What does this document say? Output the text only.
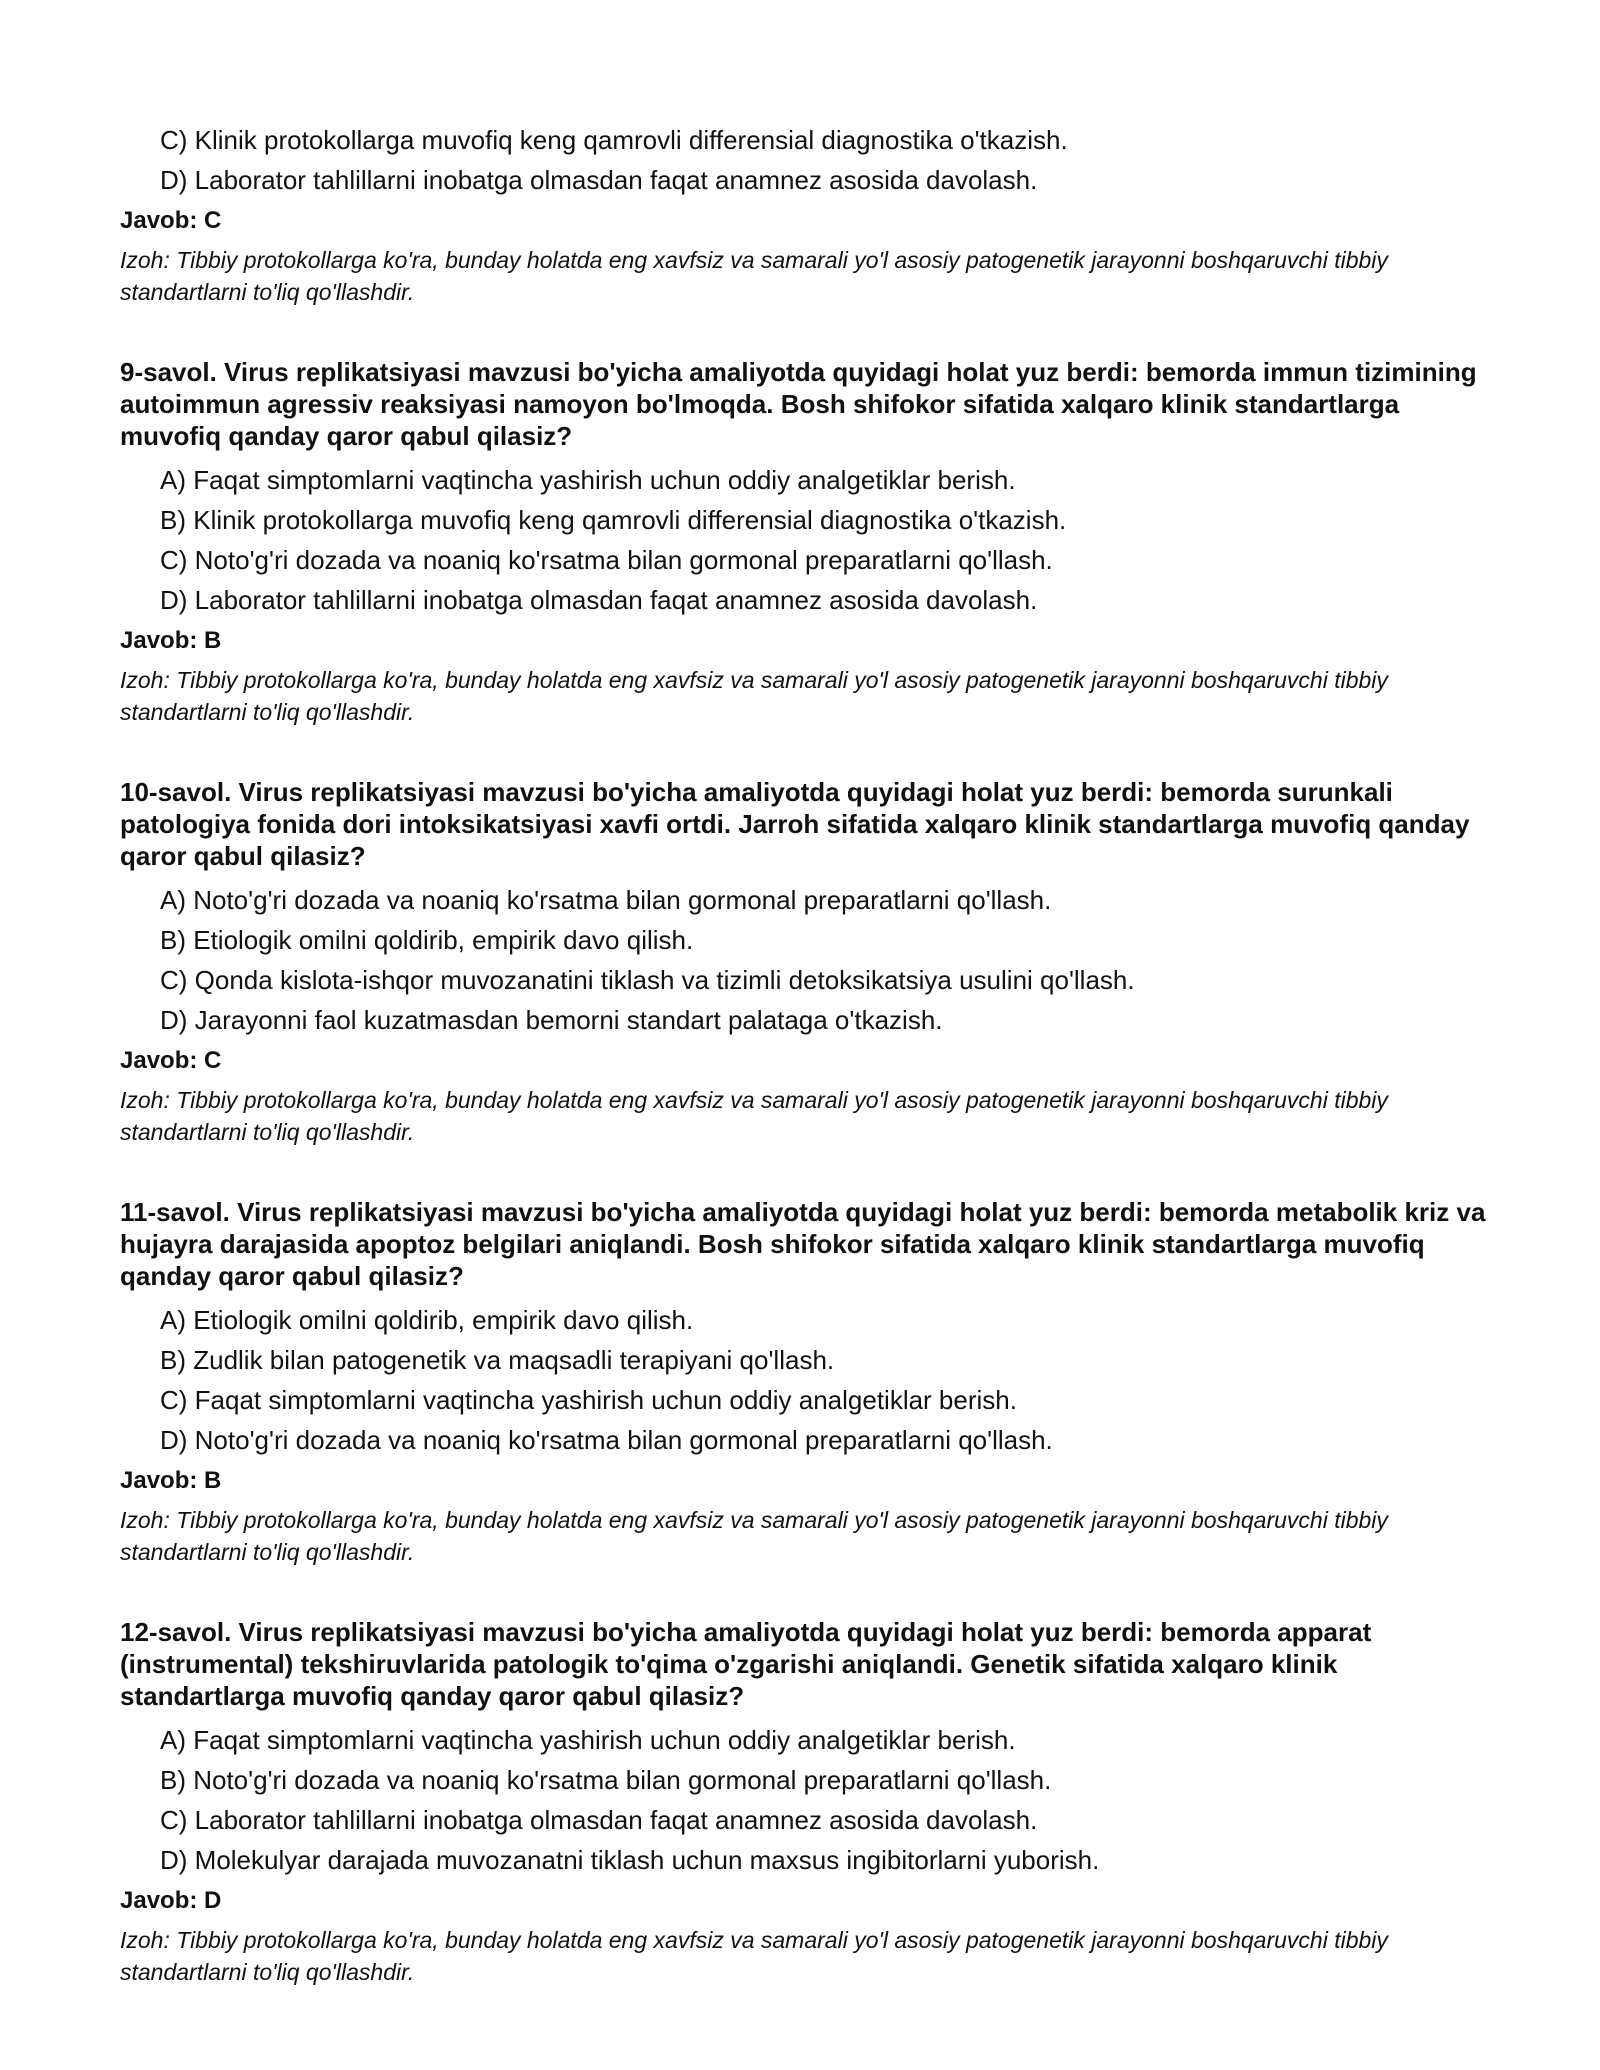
C) Klinik protokollarga muvofiq keng qamrovli differensial diagnostika o'tkazish.
D) Laborator tahlillarni inobatga olmasdan faqat anamnez asosida davolash.
Javob: C
Izoh: Tibbiy protokollarga ko'ra, bunday holatda eng xavfsiz va samarali yo'l asosiy patogenetik jarayonni boshqaruvchi tibbiy standartlarni to'liq qo'llashdir.
9-savol. Virus replikatsiyasi mavzusi bo'yicha amaliyotda quyidagi holat yuz berdi: bemorda immun tizimining autoimmun agressiv reaksiyasi namoyon bo'lmoqda. Bosh shifokor sifatida xalqaro klinik standartlarga muvofiq qanday qaror qabul qilasiz?
A) Faqat simptomlarni vaqtincha yashirish uchun oddiy analgetiklar berish.
B) Klinik protokollarga muvofiq keng qamrovli differensial diagnostika o'tkazish.
C) Noto'g'ri dozada va noaniq ko'rsatma bilan gormonal preparatlarni qo'llash.
D) Laborator tahlillarni inobatga olmasdan faqat anamnez asosida davolash.
Javob: B
Izoh: Tibbiy protokollarga ko'ra, bunday holatda eng xavfsiz va samarali yo'l asosiy patogenetik jarayonni boshqaruvchi tibbiy standartlarni to'liq qo'llashdir.
10-savol. Virus replikatsiyasi mavzusi bo'yicha amaliyotda quyidagi holat yuz berdi: bemorda surunkali patologiya fonida dori intoksikatsiyasi xavfi ortdi. Jarroh sifatida xalqaro klinik standartlarga muvofiq qanday qaror qabul qilasiz?
A) Noto'g'ri dozada va noaniq ko'rsatma bilan gormonal preparatlarni qo'llash.
B) Etiologik omilni qoldirib, empirik davo qilish.
C) Qonda kislota-ishqor muvozanatini tiklash va tizimli detoksikatsiya usulini qo'llash.
D) Jarayonni faol kuzatmasdan bemorni standart palataga o'tkazish.
Javob: C
Izoh: Tibbiy protokollarga ko'ra, bunday holatda eng xavfsiz va samarali yo'l asosiy patogenetik jarayonni boshqaruvchi tibbiy standartlarni to'liq qo'llashdir.
11-savol. Virus replikatsiyasi mavzusi bo'yicha amaliyotda quyidagi holat yuz berdi: bemorda metabolik kriz va hujayra darajasida apoptoz belgilari aniqlandi. Bosh shifokor sifatida xalqaro klinik standartlarga muvofiq qanday qaror qabul qilasiz?
A) Etiologik omilni qoldirib, empirik davo qilish.
B) Zudlik bilan patogenetik va maqsadli terapiyani qo'llash.
C) Faqat simptomlarni vaqtincha yashirish uchun oddiy analgetiklar berish.
D) Noto'g'ri dozada va noaniq ko'rsatma bilan gormonal preparatlarni qo'llash.
Javob: B
Izoh: Tibbiy protokollarga ko'ra, bunday holatda eng xavfsiz va samarali yo'l asosiy patogenetik jarayonni boshqaruvchi tibbiy standartlarni to'liq qo'llashdir.
12-savol. Virus replikatsiyasi mavzusi bo'yicha amaliyotda quyidagi holat yuz berdi: bemorda apparat (instrumental) tekshiruvlarida patologik to'qima o'zgarishi aniqlandi. Genetik sifatida xalqaro klinik standartlarga muvofiq qanday qaror qabul qilasiz?
A) Faqat simptomlarni vaqtincha yashirish uchun oddiy analgetiklar berish.
B) Noto'g'ri dozada va noaniq ko'rsatma bilan gormonal preparatlarni qo'llash.
C) Laborator tahlillarni inobatga olmasdan faqat anamnez asosida davolash.
D) Molekulyar darajada muvozanatni tiklash uchun maxsus ingibitorlarni yuborish.
Javob: D
Izoh: Tibbiy protokollarga ko'ra, bunday holatda eng xavfsiz va samarali yo'l asosiy patogenetik jarayonni boshqaruvchi tibbiy standartlarni to'liq qo'llashdir.
